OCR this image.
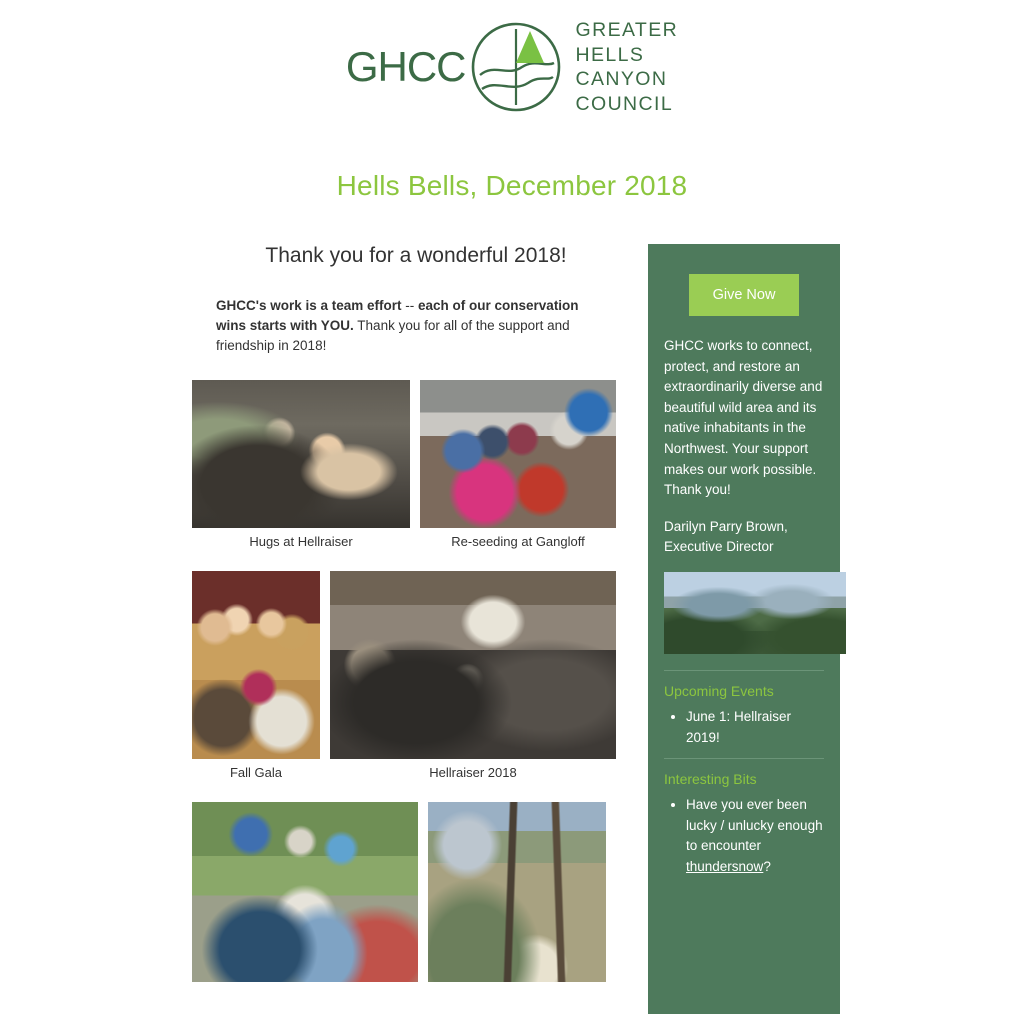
GHCC
GREATER
HELLS
CANYON
COUNCIL
Hells Bells, December 2018
Thank you for a wonderful 2018!

GHCC's work is a team effort -- each of our conservation wins starts with YOU. Thank you for all of the support and friendship in 2018!

Hugs at Hellraiser	Re-seeding at Gangloff
Fall Gala	Hellraiser 2018
Give Now

GHCC works to connect, protect, and restore an extraordinarily diverse and beautiful wild area and its native inhabitants in the Northwest. Your support makes our work possible. Thank you!

Darilyn Parry Brown,
Executive Director

Upcoming Events
• June 1: Hellraiser 2019!
Interesting Bits
• Have you ever been lucky / unlucky enough to encounter thundersnow?
